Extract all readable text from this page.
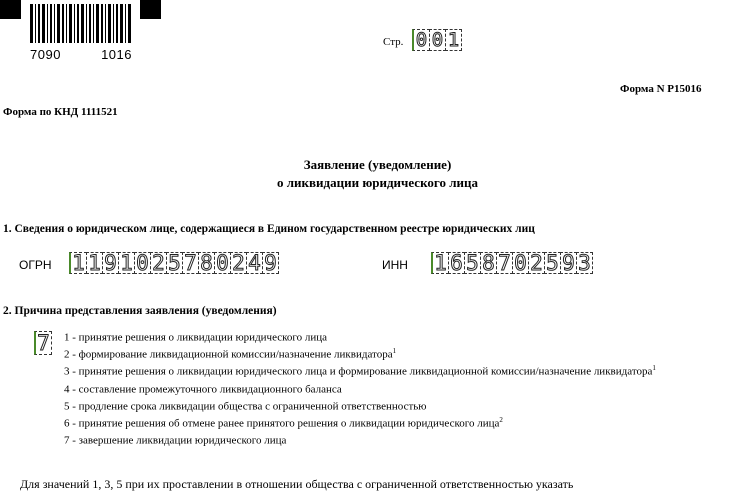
7090	1016
Стр. 0 0 1
Форма N Р15016
Форма по КНД 1111521
Заявление (уведомление)
о ликвидации юридического лица
1. Сведения о юридическом лице, содержащиеся в Едином государственном реестре юридических лиц
ОГРН 1 1 9 1 0 2 5 7 8 0 2 4 9	ИНН 1 6 5 8 7 0 2 5 9 3
2. Причина представления заявления (уведомления)
7 1 - принятие решения о ликвидации юридического лица
2 - формирование ликвидационной комиссии/назначение ликвидатора$^1$
3 - принятие решения о ликвидации юридического лица и формирование ликвидационной комиссии/назначение ликвидатора$^1$
4 - составление промежуточного ликвидационного баланса
5 - продление срока ликвидации общества с ограниченной ответственностью
6 - принятие решения об отмене ранее принятого решения о ликвидации юридического лица$^2$
7 - завершение ликвидации юридического лица
Для значений 1, 3, 5 при их проставлении в отношении общества с ограниченной ответственностью указать
